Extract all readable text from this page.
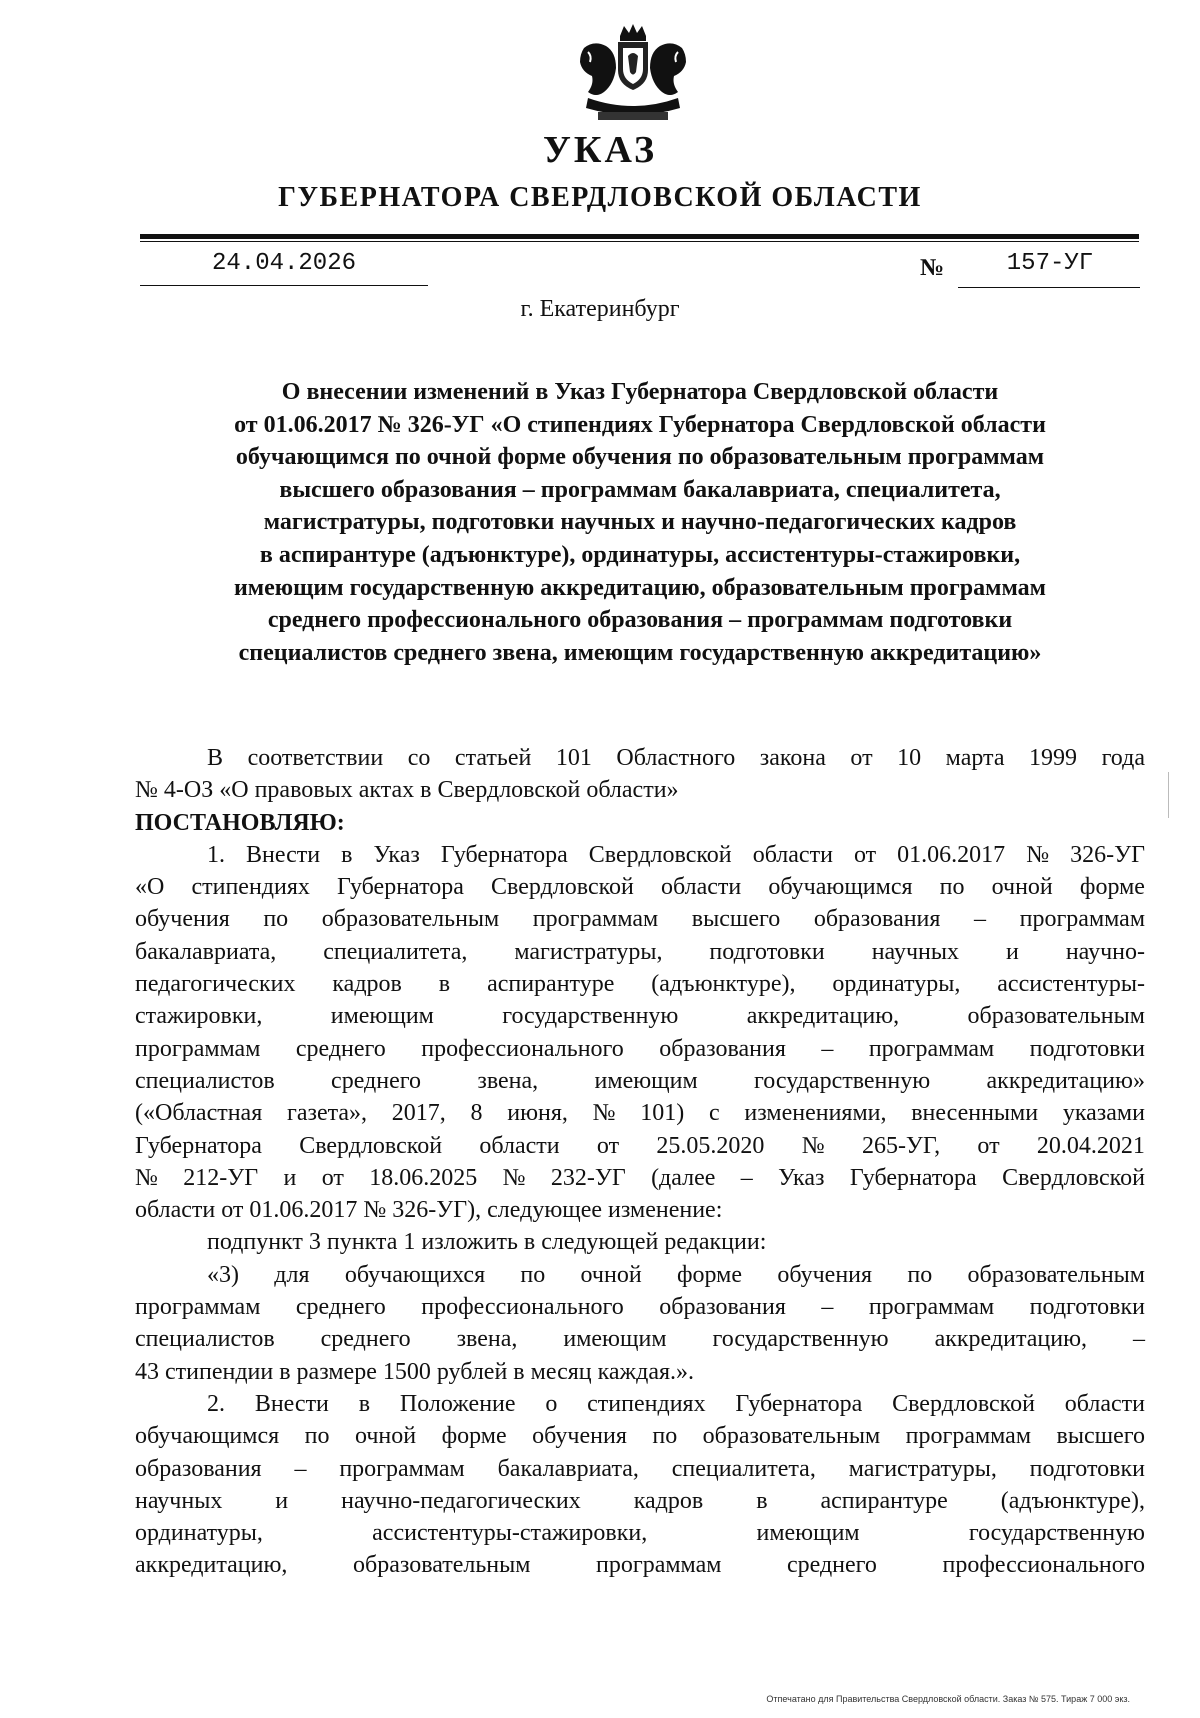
УКАЗ
ГУБЕРНАТОРА СВЕРДЛОВСКОЙ ОБЛАСТИ
24.04.2026	№	157-УГ
г. Екатеринбург
О внесении изменений в Указ Губернатора Свердловской области
от 01.06.2017 № 326-УГ «О стипендиях Губернатора Свердловской области
обучающимся по очной форме обучения по образовательным программам
высшего образования – программам бакалавриата, специалитета,
магистратуры, подготовки научных и научно-педагогических кадров
в аспирантуре (адъюнктуре), ординатуры, ассистентуры-стажировки,
имеющим государственную аккредитацию, образовательным программам
среднего профессионального образования – программам подготовки
специалистов среднего звена, имеющим государственную аккредитацию»
В соответствии со статьей 101 Областного закона от 10 марта 1999 года
№ 4-ОЗ «О правовых актах в Свердловской области»
ПОСТАНОВЛЯЮ:
1. Внести в Указ Губернатора Свердловской области от 01.06.2017 № 326-УГ
«О стипендиях Губернатора Свердловской области обучающимся по очной форме
обучения по образовательным программам высшего образования – программам
бакалавриата, специалитета, магистратуры, подготовки научных и научно-
педагогических кадров в аспирантуре (адъюнктуре), ординатуры, ассистентуры-
стажировки,	имеющим	государственную	аккредитацию,	образовательным
программам среднего профессионального образования – программам подготовки
специалистов среднего звена, имеющим государственную аккредитацию»
(«Областная газета», 2017, 8 июня, № 101) с изменениями, внесенными указами
Губернатора Свердловской области от 25.05.2020 № 265-УГ, от 20.04.2021
№ 212-УГ и от 18.06.2025 № 232-УГ (далее – Указ Губернатора Свердловской
области от 01.06.2017 № 326-УГ), следующее изменение:
подпункт 3 пункта 1 изложить в следующей редакции:
«3) для обучающихся по очной форме обучения по образовательным
программам среднего профессионального образования – программам подготовки
специалистов среднего звена, имеющим государственную аккредитацию, –
43 стипендии в размере 1500 рублей в месяц каждая.».
2. Внести в Положение о стипендиях Губернатора Свердловской области
обучающимся по очной форме обучения по образовательным программам высшего
образования – программам бакалавриата, специалитета, магистратуры, подготовки
научных и научно-педагогических кадров в аспирантуре (адъюнктуре),
ординатуры,	ассистентуры-стажировки,	имеющим	государственную
аккредитацию,	образовательным	программам	среднего	профессионального
Отпечатано для Правительства Свердловской области. Заказ № 575. Тираж 7 000 экз.
